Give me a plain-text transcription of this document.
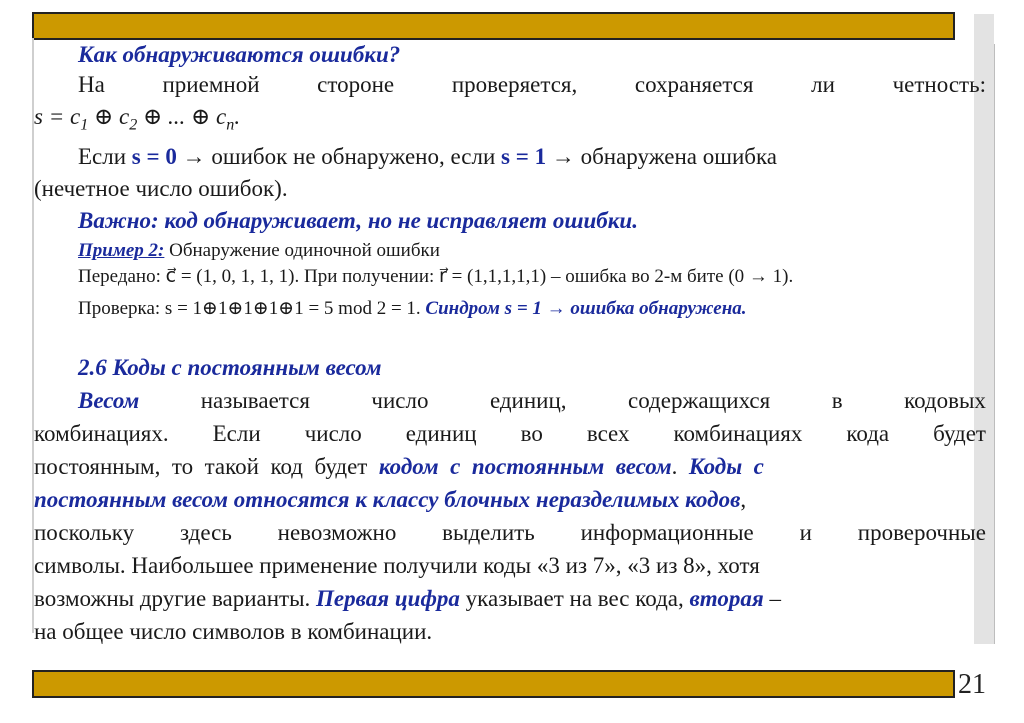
Как обнаруживаются ошибки?
На	приемной	стороне	проверяется,	сохраняется	ли	четность:
$s = c_1$ ⊕ $c_2$ ⊕ ... ⊕ $c_n$.
Если s = 0 → ошибок не обнаружено, если s = 1 → обнаружена ошибка
(нечетное число ошибок).
Важно: код обнаруживает, но не исправляет ошибки.
Пример 2: Обнаружение одиночной ошибки
Передано: c⃗ = (1, 0, 1, 1, 1). При получении: r⃗ = (1,1,1,1,1) – ошибка во 2-м бите (0 → 1).
Проверка: s = 1⊕1⊕1⊕1⊕1 = 5 mod 2 = 1. Синдром s = 1 → ошибка обнаружена.
2.6 Коды с постоянным весом
Весом	называется	число	единиц,	содержащихся	в	кодовых
комбинациях. Если число единиц во всех комбинациях кода будет
постоянным,  то  такой  код  будет  кодом  с  постоянным  весом.  Коды  с
постоянным весом относятся к классу блочных неразделимых кодов,
поскольку здесь невозможно выделить информационные и проверочные
символы. Наибольшее применение получили коды «3 из 7», «3 из 8», хотя
возможны другие варианты. Первая цифра указывает на вес кода, вторая –
на общее число символов в комбинации.
21
